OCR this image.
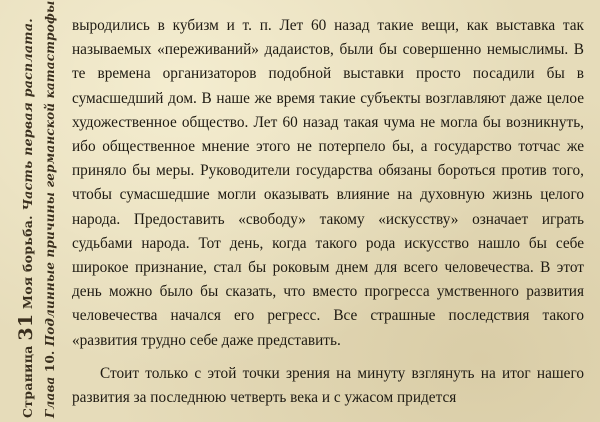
Страница 31 Моя борьба. Часть первая расплата.
Глава 10. Подлинные причины германской катастрофы выродились в кубизм и т. п. Лет 60 назад такие вещи, как выставка так называемых «переживаний» дадаистов, были бы совершенно немыслимы. В те времена организаторов подобной выставки просто посадили бы в сумасшедший дом. В наше же время такие субъекты возглавляют даже целое художественное общество. Лет 60 назад такая чума не могла бы возникнуть, ибо общественное мнение этого не потерпело бы, а государство тотчас же приняло бы меры. Руководители государства обязаны бороться против того, чтобы сумасшедшие могли оказывать влияние на духовную жизнь целого народа. Предоставить «свободу» такому «искусству» означает играть судьбами народа. Тот день, когда такого рода искусство нашло бы себе широкое признание, стал бы роковым днем для всего человечества. В этот день можно было бы сказать, что вместо прогресса умственного развития человечества начался его регресс. Все страшные последствия такого «развития трудно себе даже представить.

Стоит только с этой точки зрения на минуту взглянуть на итог нашего развития за последнюю четверть века и с ужасом придется
